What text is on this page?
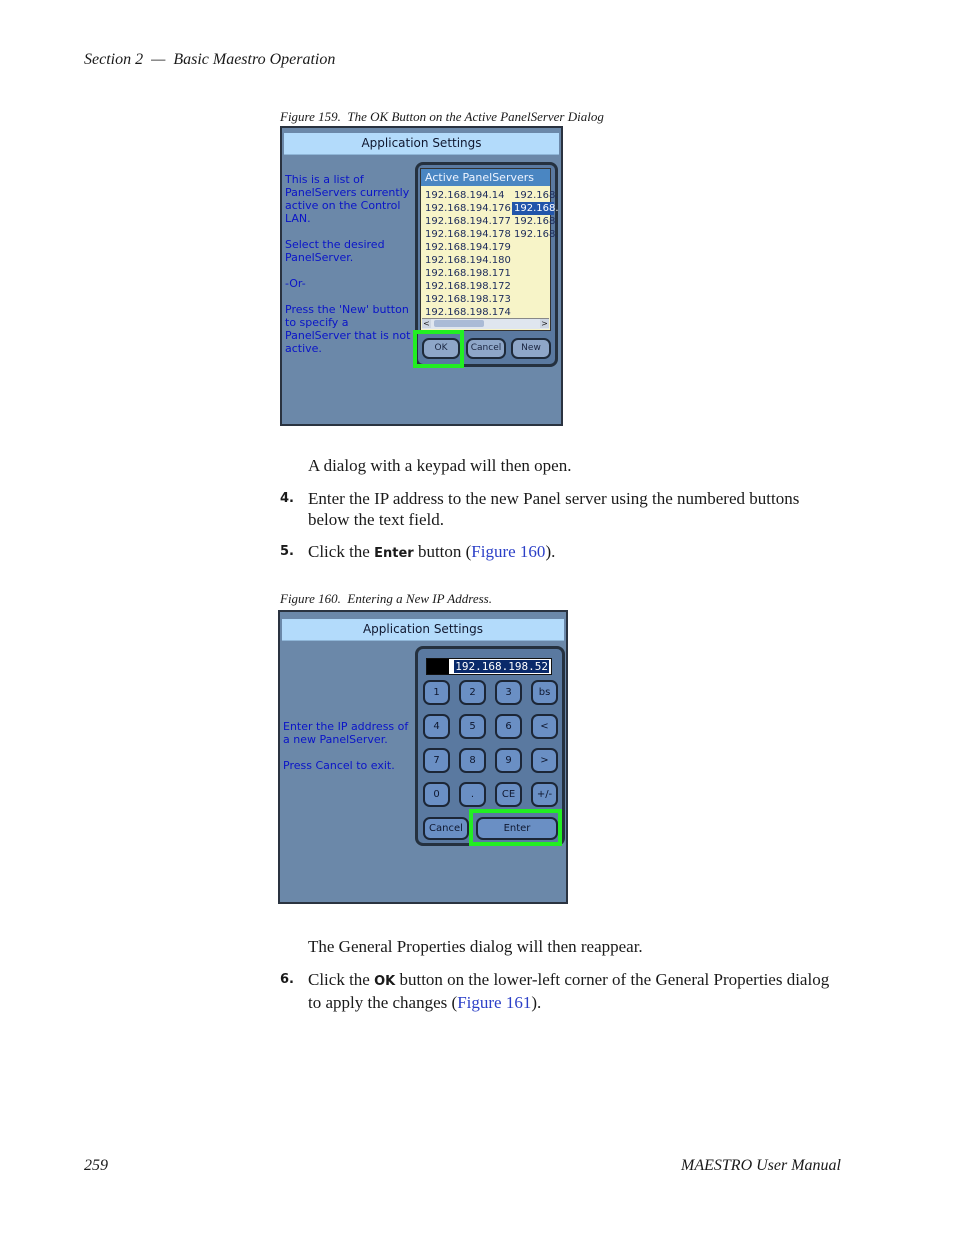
Section 2  —  Basic Maestro Operation
Figure 159.  The OK Button on the Active PanelServer Dialog
Application Settings
This is a list of
PanelServers currently
active on the Control
LAN.

Select the desired
PanelServer.

-Or-

Press the 'New' button
to specify a
PanelServer that is not
active.
Active PanelServers
192.168.194.14 192.168.
192.168.194.176 192.168.
192.168.194.177 192.168.
192.168.194.178 192.168.
192.168.194.179
192.168.194.180
192.168.198.171
192.168.198.172
192.168.198.173
192.168.198.174
<	>
OK	Cancel	New
A dialog with a keypad will then open.
4. Enter the IP address to the new Panel server using the numbered buttons below the text field.
5. Click the Enter button (Figure 160).
Figure 160.  Entering a New IP Address.
Application Settings
Enter the IP address of
a new PanelServer.

Press Cancel to exit.
192.168.198.52
1	2	3	bs
4	5	6	<
7	8	9	>
0	.	CE	+/-
Cancel	Enter
The General Properties dialog will then reappear.
6. Click the OK button on the lower-left corner of the General Properties dialog to apply the changes (Figure 161).
259	MAESTRO User Manual
